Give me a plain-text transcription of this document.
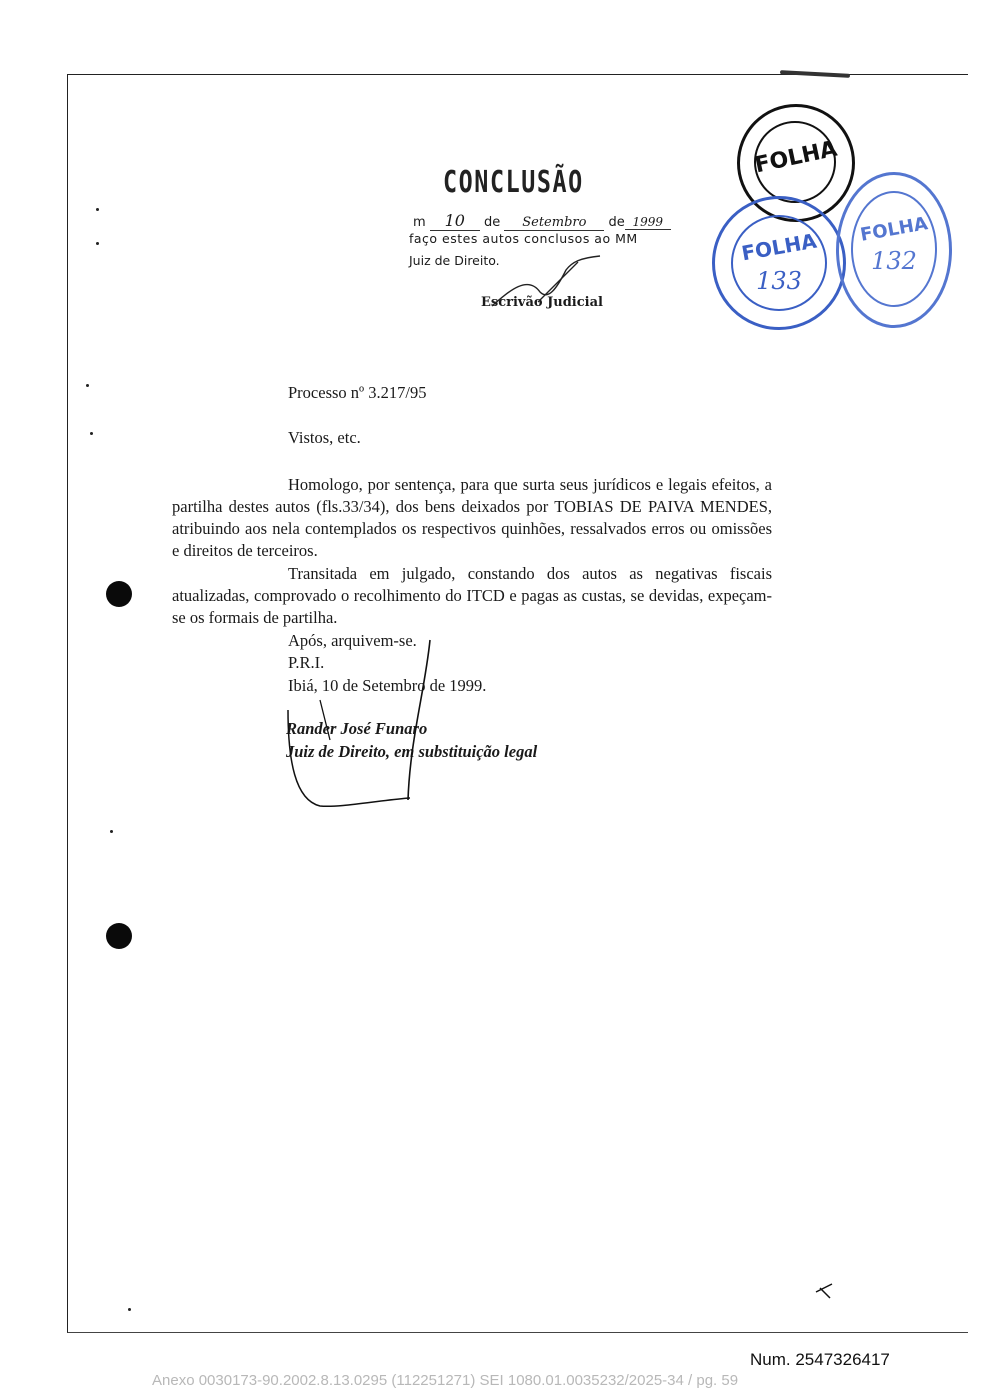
CONCLUSÃO
m 10 de Setembro de 1999
faço estes autos conclusos ao MM
Juiz de Direito.
Escrivão Judicial
FOLHA
FOLHA
133
FOLHA
132
Processo nº 3.217/95
Vistos, etc.
Homologo, por sentença, para que surta seus jurídicos e legais efeitos, a partilha destes autos (fls.33/34), dos bens deixados por TOBIAS DE PAIVA MENDES, atribuindo aos nela contemplados os respectivos quinhões, ressalvados erros ou omissões e direitos de terceiros.
Transitada em julgado, constando dos autos as negativas fiscais atualizadas, comprovado o recolhimento do ITCD e pagas as custas, se devidas, expeçam-se os formais de partilha.
Após, arquivem-se.
P.R.I.
Ibiá, 10 de Setembro de 1999.
Rander José Funaro
Juiz de Direito, em substituição legal
Num. 2547326417
Anexo 0030173-90.2002.8.13.0295 (112251271) SEI 1080.01.0035232/2025-34 / pg. 59
